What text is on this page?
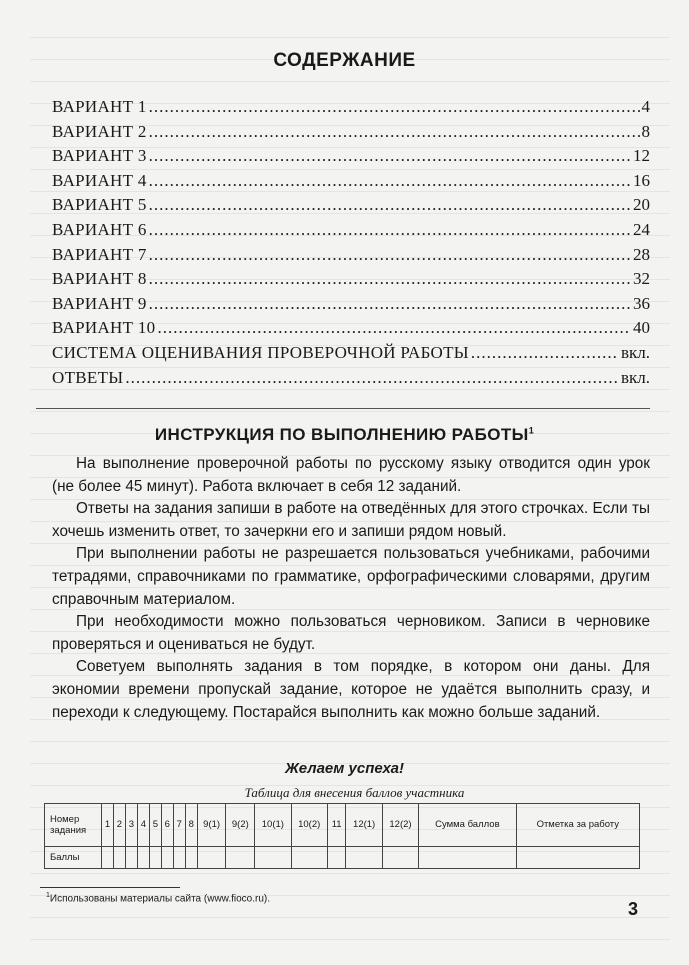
СОДЕРЖАНИЕ
ВАРИАНТ 1 .....	4
ВАРИАНТ 2 .....	8
ВАРИАНТ 3 .....	12
ВАРИАНТ 4 .....	16
ВАРИАНТ 5 .....	20
ВАРИАНТ 6 .....	24
ВАРИАНТ 7 .....	28
ВАРИАНТ 8 .....	32
ВАРИАНТ 9 .....	36
ВАРИАНТ 10 .....	40
СИСТЕМА ОЦЕНИВАНИЯ ПРОВЕРОЧНОЙ РАБОТЫ .....	вкл.
ОТВЕТЫ .....	вкл.
ИНСТРУКЦИЯ ПО ВЫПОЛНЕНИЮ РАБОТЫ$^1$

На выполнение проверочной работы по русскому языку отводится один урок (не более 45 минут). Работа включает в себя 12 заданий.

Ответы на задания запиши в работе на отведённых для этого строчках. Если ты хочешь изменить ответ, то зачеркни его и запиши рядом новый.

При выполнении работы не разрешается пользоваться учебниками, рабочими тетрадями, справочниками по грамматике, орфографическими словарями, другим справочным материалом.

При необходимости можно пользоваться черновиком. Записи в черновике проверяться и оцениваться не будут.

Советуем выполнять задания в том порядке, в котором они даны. Для экономии времени пропускай задание, которое не удаётся выполнить сразу, и переходи к следующему. Постарайся выполнить как можно больше заданий.

Желаем успеха!
Таблица для внесения баллов участника
Номер задания	1	2	3	4	5	6	7	8	9(1)	9(2)	10(1)	10(2)	11	12(1)	12(2)	Сумма баллов	Отметка за работу
Баллы																	
$^1$Использованы материалы сайта (www.fioco.ru).
3
